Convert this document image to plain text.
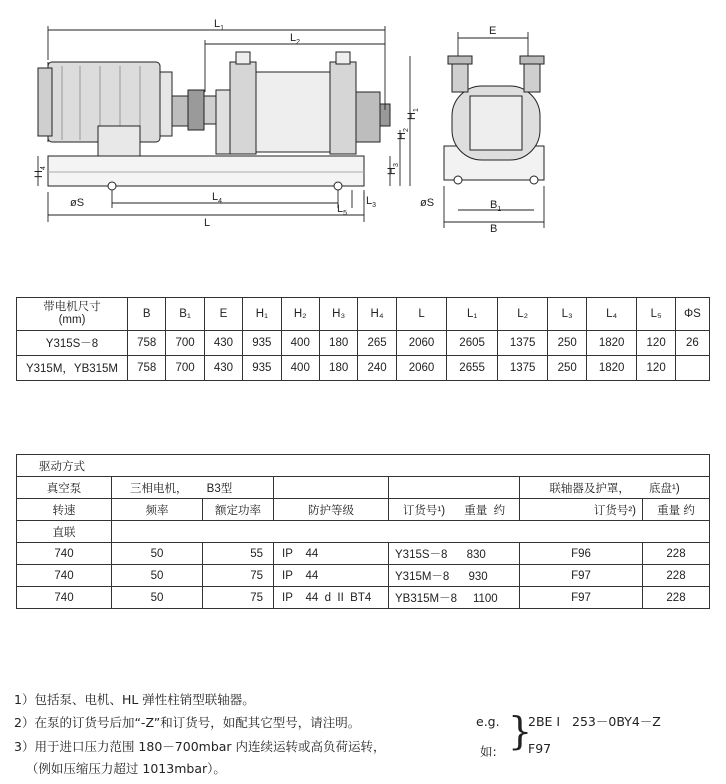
$L_1$
$L_2$
$L_4$
$L_5$
$L_3$
L
øS	øS
E
$B_1$
B
$H_1$
$H_2$
$H_3$
$H_4$
带电机尺寸
(mm)	B	B₁	E	H₁	H₂	H₃	H₄	L	L₁	L₂	L₃	L₄	L₅	ΦS
Y315S－8	758	700	430	935	400	180	265	2060	2605	1375	250	1820	120	26
Y315M，YB315M	758	700	430	935	400	180	240	2060	2655	1375	250	1820	120	
驱动方式						
真空泵	三相电机，      B3型				联轴器及护罩，      底盘¹)	
转速	频率	额定功率	防护等级	订货号¹)      重量  约	订货号²)	重量 约
直联						
740	50	55	IP    44	Y315S－8      830	F96	228
740	50	75	IP    44	Y315M－8      930	F97	228
740	50	75	IP    44  d  II  BT4	YB315M－8     1100	F97	228
1）包括泵、电机、HL 弹性柱销型联轴器。
2）在泵的订货号后加“-Z”和订货号，如配其它型号，请注明。
3）用于进口压力范围 180－700mbar 内连续运转或高负荷运转，
（例如压缩压力超过 1013mbar）。
e.g.
如: }
2BE Ⅰ   253－0BY4－Z
F97
